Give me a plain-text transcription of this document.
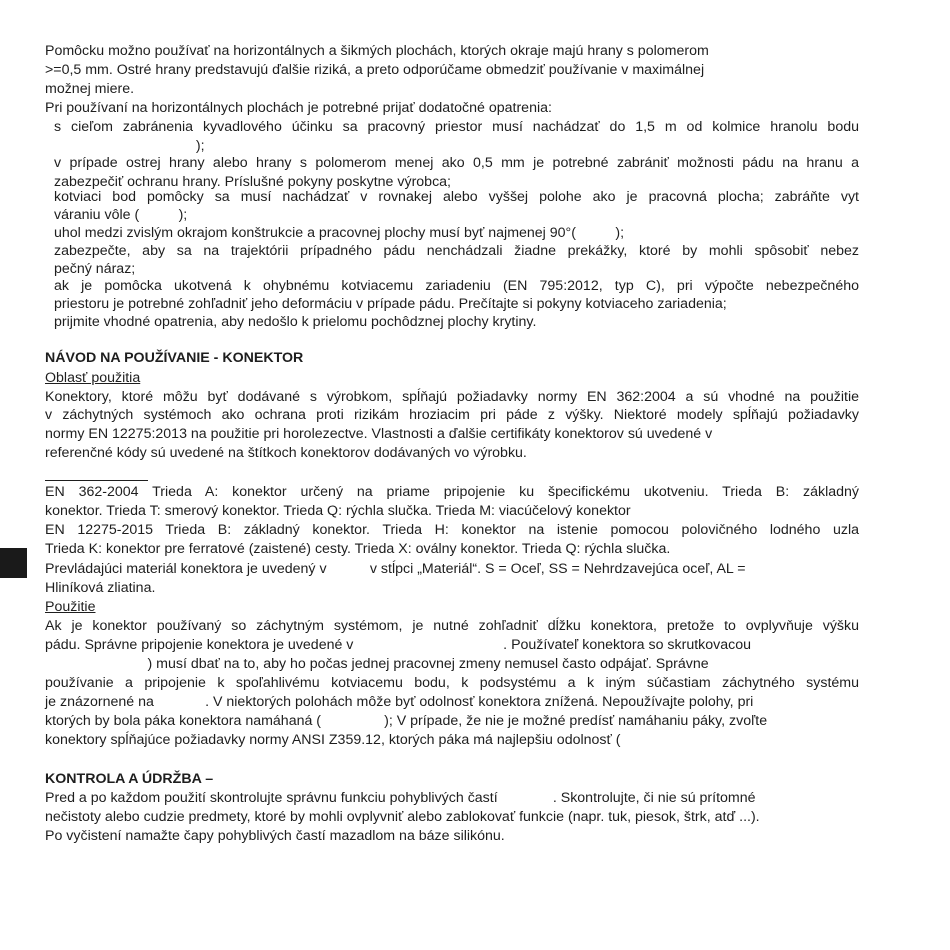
Pomôcku možno používať na horizontálnych a šikmých plochách, ktorých okraje majú hrany s polomerom
>=0,5 mm. Ostré hrany predstavujú ďalšie riziká, a preto odporúčame obmedziť používanie v maximálnej
možnej miere.
Pri používaní na horizontálnych plochách je potrebné prijať dodatočné opatrenia:
s cieľom zabránenia kyvadlového účinku sa pracovný priestor musí nachádzať do 1,5 m od kolmice hranolu bodu
);
v prípade ostrej hrany alebo hrany s polomerom menej ako 0,5 mm je potrebné zabrániť možnosti pádu na hranu a
zabezpečiť ochranu hrany. Príslušné pokyny poskytne výrobca;
kotviaci bod pomôcky sa musí nachádzať v rovnakej alebo vyššej polohe ako je pracovná plocha; zabráňte vyt
váraniu vôle (          );
uhol medzi zvislým okrajom konštrukcie a pracovnej plochy musí byť najmenej 90°(          );
zabezpečte, aby sa na trajektórii prípadného pádu nenchádzali žiadne prekážky, ktoré by mohli spôsobiť nebez
pečný náraz;
ak je pomôcka ukotvená k ohybnému kotviacemu zariadeniu (EN 795:2012, typ C), pri výpočte nebezpečného
priestoru je potrebné zohľadniť jeho deformáciu v prípade pádu. Prečítajte si pokyny kotviaceho zariadenia;
prijmite vhodné opatrenia, aby nedošlo k prielomu pochôdznej plochy krytiny.
NÁVOD NA POUŽÍVANIE - KONEKTOR
Oblasť použitia
Konektory, ktoré môžu byť dodávané s výrobkom, spĺňajú požiadavky normy EN 362:2004 a sú vhodné na použitie
v záchytných systémoch ako ochrana proti rizikám hroziacim pri páde z výšky. Niektoré modely spĺňajú požiadavky
normy EN 12275:2013 na použitie pri horolezectve. Vlastnosti a ďalšie certifikáty konektorov sú uvedené v
referenčné kódy sú uvedené na štítkoch konektorov dodávaných vo výrobku.
EN 362-2004 Trieda A: konektor určený na priame pripojenie ku špecifickému ukotveniu. Trieda B: základný
konektor. Trieda T: smerový konektor. Trieda Q: rýchla slučka. Trieda M: viacúčelový konektor
EN 12275-2015 Trieda B: základný konektor. Trieda H: konektor na istenie pomocou polovičného lodného uzla
Trieda K: konektor pre ferratové (zaistené) cesty. Trieda X: oválny konektor. Trieda Q: rýchla slučka.
Prevládajúci materiál konektora je uvedený v           v stĺpci „Materiál“. S = Oceľ, SS = Nehrdzavejúca oceľ, AL =
Hliníková zliatina.
Použitie
Ak je konektor používaný so záchytným systémom, je nutné zohľadniť dĺžku konektora, pretože to ovplyvňuje výšku
pádu. Správne pripojenie konektora je uvedené v                                      . Používateľ konektora so skrutkovacou
) musí dbať na to, aby ho počas jednej pracovnej zmeny nemusel často odpájať. Správne
používanie a pripojenie k spoľahlivému kotviacemu bodu, k podsystému a k iným súčastiam záchytného systému
je znázornené na             . V niektorých polohách môže byť odolnosť konektora znížená. Nepoužívajte polohy, pri
ktorých by bola páka konektora namáhaná (                ); V prípade, že nie je možné predísť namáhaniu páky, zvoľte
konektory spĺňajúce požiadavky normy ANSI Z359.12, ktorých páka má najlepšiu odolnosť (
KONTROLA A ÚDRŽBA –
Pred a po každom použití skontrolujte správnu funkciu pohyblivých častí              . Skontrolujte, či nie sú prítomné
nečistoty alebo cudzie predmety, ktoré by mohli ovplyvniť alebo zablokovať funkcie (napr. tuk, piesok, štrk, atď ...).
Po vyčistení namažte čapy pohyblivých častí mazadlom na báze silikónu.
